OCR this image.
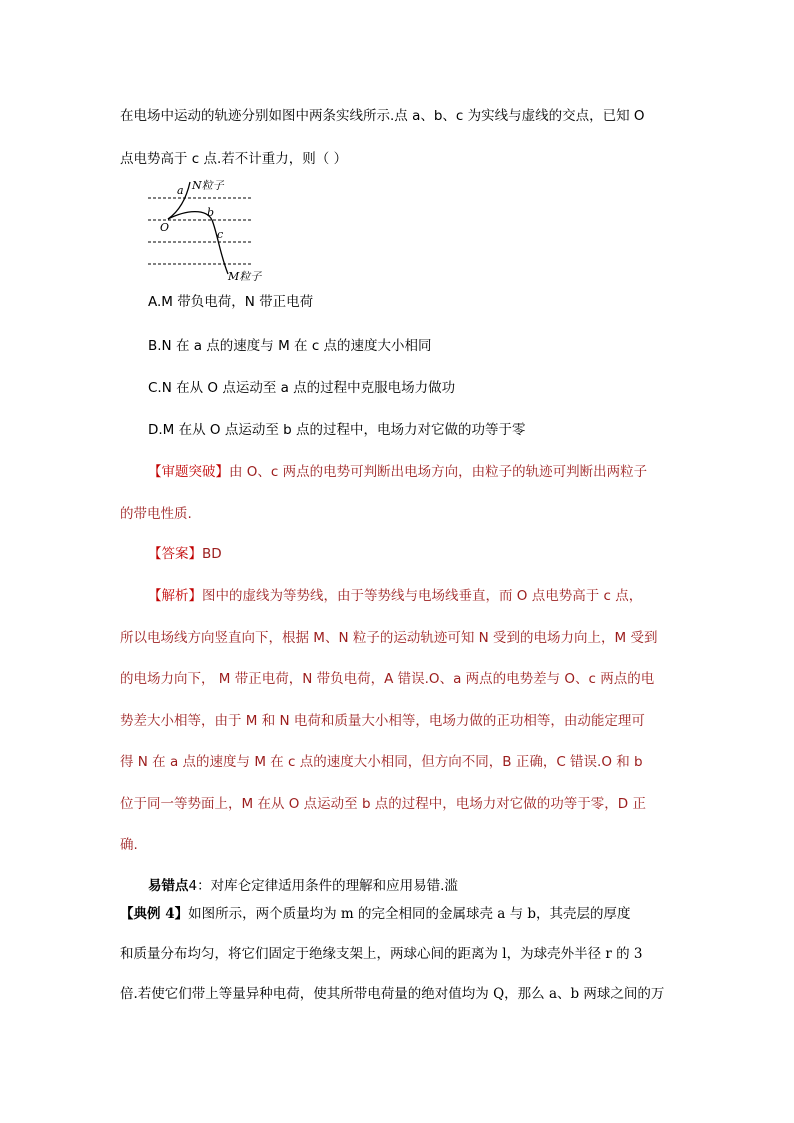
在电场中运动的轨迹分别如图中两条实线所示.点 a、b、c 为实线与虚线的交点，已知 O
点电势高于 c 点.若不计重力，则（ ）
a N粒子
b
O
c
M粒子
A.M 带负电荷，N 带正电荷
B.N 在 a 点的速度与 M 在 c 点的速度大小相同
C.N 在从 O 点运动至 a 点的过程中克服电场力做功
D.M 在从 O 点运动至 b 点的过程中，电场力对它做的功等于零
【审题突破】由 O、c 两点的电势可判断出电场方向，由粒子的轨迹可判断出两粒子
的带电性质.
【答案】BD
【解析】图中的虚线为等势线，由于等势线与电场线垂直，而 O 点电势高于 c 点，
所以电场线方向竖直向下，根据 M、N 粒子的运动轨迹可知 N 受到的电场力向上，M 受到
的电场力向下， M 带正电荷，N 带负电荷，A 错误.O、a 两点的电势差与 O、c 两点的电
势差大小相等，由于 M 和 N 电荷和质量大小相等，电场力做的正功相等，由动能定理可
得 N 在 a 点的速度与 M 在 c 点的速度大小相同，但方向不同，B 正确，C 错误.O 和 b
位于同一等势面上，M 在从 O 点运动至 b 点的过程中，电场力对它做的功等于零，D 正
确.
易错点4：对库仑定律适用条件的理解和应用易错.滥
【典例 4】如图所示，两个质量均为 m 的完全相同的金属球壳 a 与 b，其壳层的厚度
和质量分布均匀，将它们固定于绝缘支架上，两球心间的距离为 l，为球壳外半径 r 的 3
倍.若使它们带上等量异种电荷，使其所带电荷量的绝对值均为 Q，那么 a、b 两球之间的万
